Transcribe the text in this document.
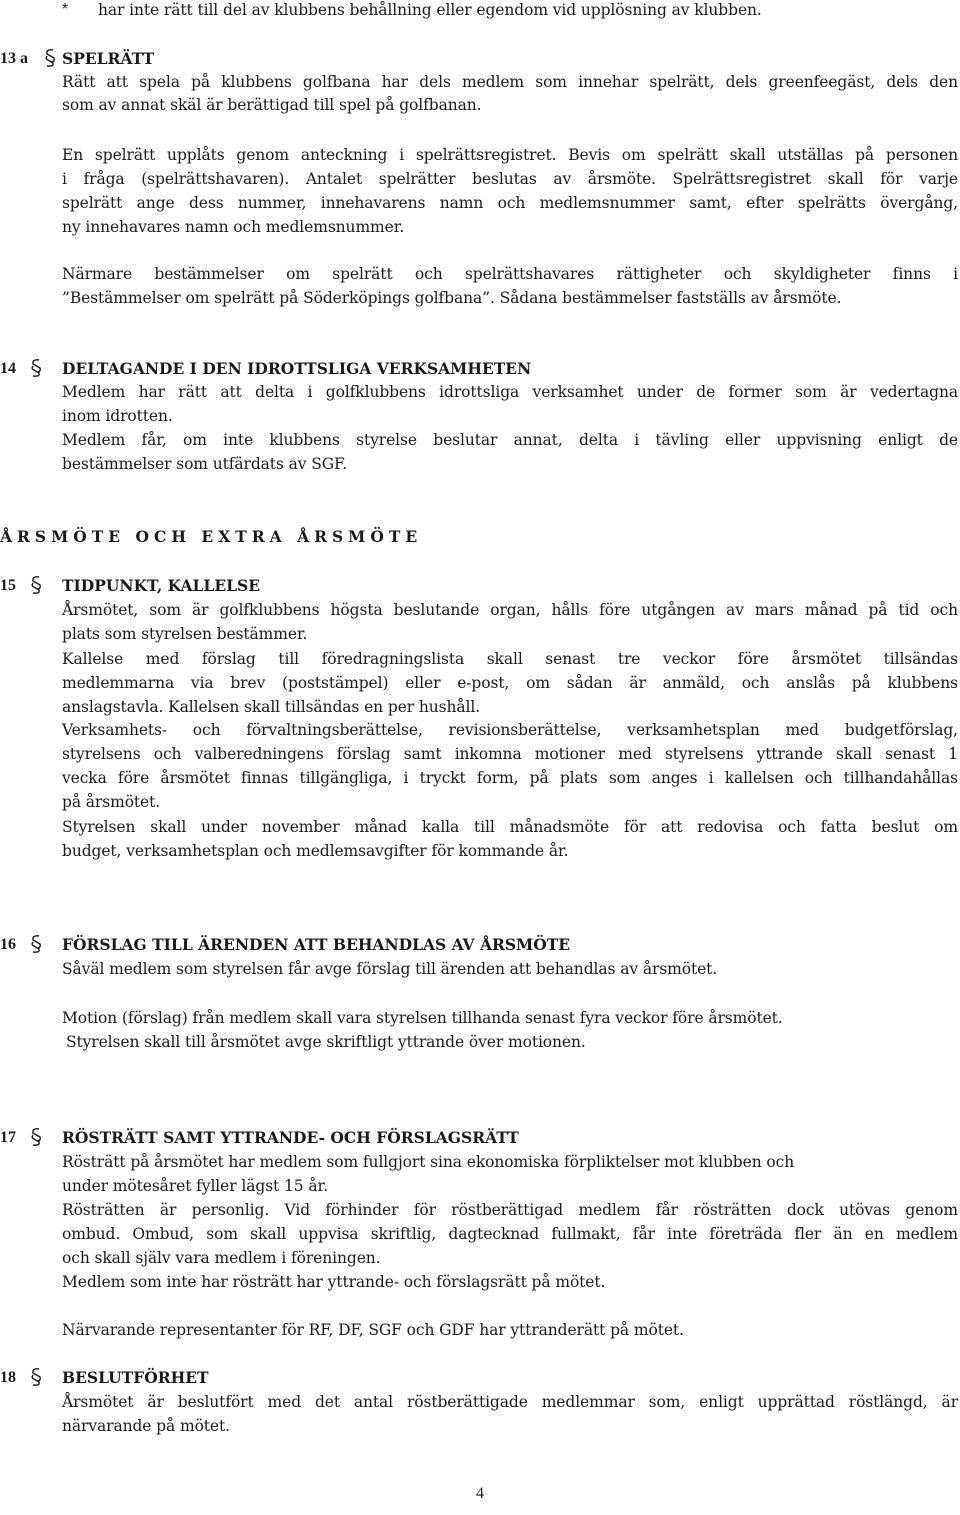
* har inte rätt till del av klubbens behållning eller egendom vid upplösning av klubben.
13 a SPELRÄTT
Rätt att spela på klubbens golfbana har dels medlem som innehar spelrätt, dels greenfeegäst, dels den
som av annat skäl är berättigad till spel på golfbanan.
En spelrätt upplåts genom anteckning i spelrättsregistret. Bevis om spelrätt skall utställas på personen
i fråga (spelrättshavaren). Antalet spelrätter beslutas av årsmöte. Spelrättsregistret skall för varje
spelrätt ange dess nummer, innehavarens namn och medlemsnummer samt, efter spelrätts övergång,
ny innehavares namn och medlemsnummer.
Närmare bestämmelser om spelrätt och spelrättshavares rättigheter och skyldigheter finns i
”Bestämmelser om spelrätt på Söderköpings golfbana”. Sådana bestämmelser fastställs av årsmöte.
14	DELTAGANDE I DEN IDROTTSLIGA VERKSAMHETEN
Medlem har rätt att delta i golfklubbens idrottsliga verksamhet under de former som är vedertagna
inom idrotten.
Medlem får, om inte klubbens styrelse beslutar annat, delta i tävling eller uppvisning enligt de
bestämmelser som utfärdats av SGF.
ÅRSMÖTE OCH EXTRA ÅRSMÖTE
15	TIDPUNKT, KALLELSE
Årsmötet, som är golfklubbens högsta beslutande organ, hålls före utgången av mars månad på tid och
plats som styrelsen bestämmer.
Kallelse med förslag till föredragningslista skall senast tre veckor före årsmötet tillsändas
medlemmarna via brev (poststämpel) eller e-post, om sådan är anmäld, och anslås på klubbens
anslagstavla. Kallelsen skall tillsändas en per hushåll.
Verksamhets- och förvaltningsberättelse, revisionsberättelse, verksamhetsplan med budgetförslag,
styrelsens och valberedningens förslag samt inkomna motioner med styrelsens yttrande skall senast 1
vecka före årsmötet finnas tillgängliga, i tryckt form, på plats som anges i kallelsen och tillhandahållas
på årsmötet.
Styrelsen skall under november månad kalla till månadsmöte för att redovisa och fatta beslut om
budget, verksamhetsplan och medlemsavgifter för kommande år.
16	FÖRSLAG TILL ÄRENDEN ATT BEHANDLAS AV ÅRSMÖTE
Såväl medlem som styrelsen får avge förslag till ärenden att behandlas av årsmötet.
Motion (förslag) från medlem skall vara styrelsen tillhanda senast fyra veckor före årsmötet.
Styrelsen skall till årsmötet avge skriftligt yttrande över motionen.
17	RÖSTRÄTT SAMT YTTRANDE- OCH FÖRSLAGSRÄTT
Rösträtt på årsmötet har medlem som fullgjort sina ekonomiska förpliktelser mot klubben och
under mötesåret fyller lägst 15 år.
Rösträtten är personlig. Vid förhinder för röstberättigad medlem får rösträtten dock utövas genom
ombud. Ombud, som skall uppvisa skriftlig, dagtecknad fullmakt, får inte företräda fler än en medlem
och skall själv vara medlem i föreningen.
Medlem som inte har rösträtt har yttrande- och förslagsrätt på mötet.
Närvarande representanter för RF, DF, SGF och GDF har yttranderätt på mötet.
18	BESLUTFÖRHET
Årsmötet är beslutfört med det antal röstberättigade medlemmar som, enligt upprättad röstlängd, är
närvarande på mötet.
4
